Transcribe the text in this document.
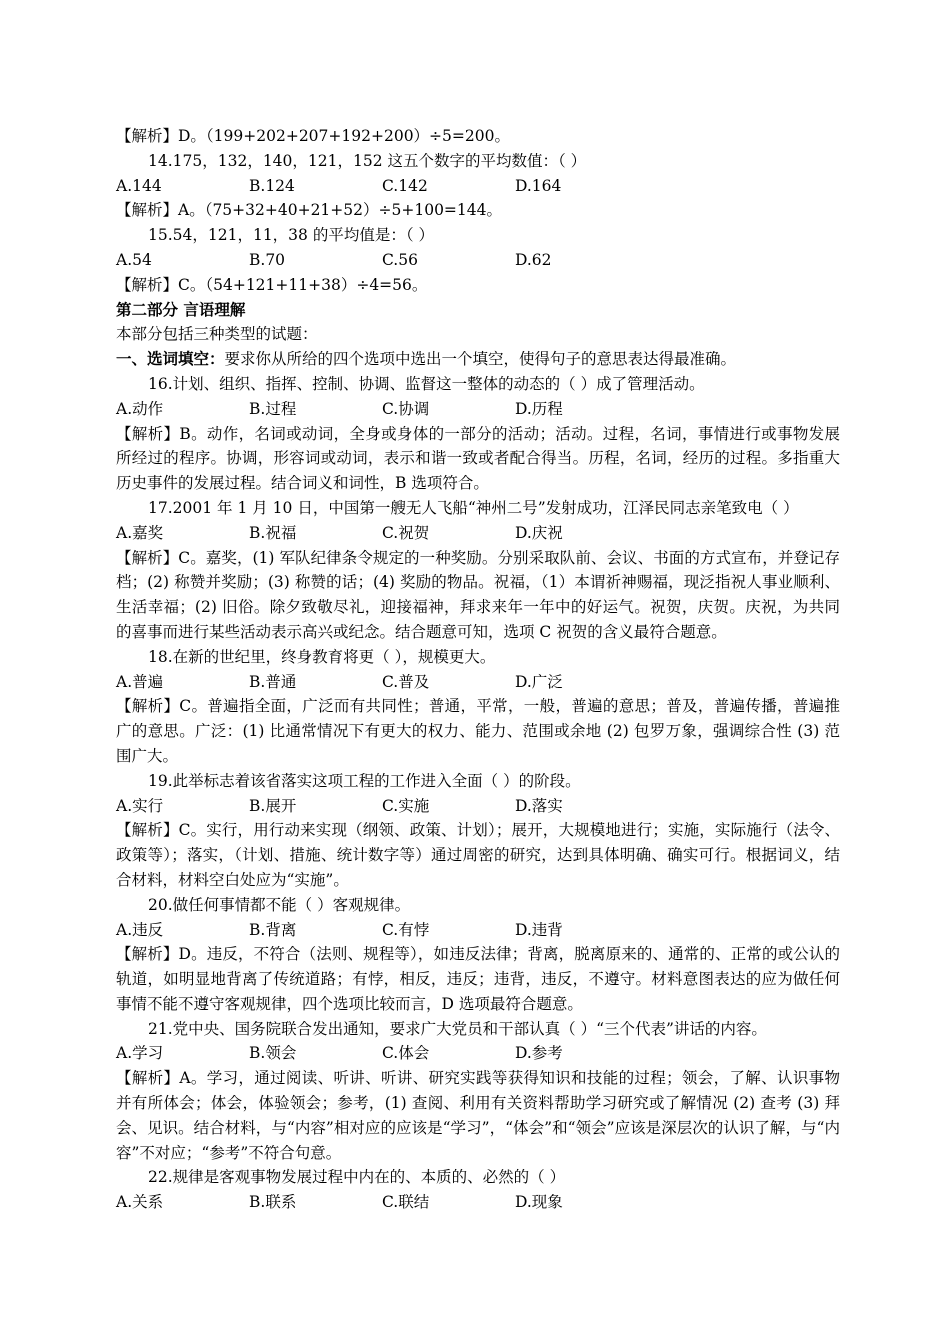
【解析】D。（199+202+207+192+200）÷5=200。
14.175，132，140，121，152 这五个数字的平均数值：（ ）
A.144	B.124	C.142	D.164
【解析】A。（75+32+40+21+52）÷5+100=144。
15.54，121，11，38 的平均值是：（ ）
A.54	B.70	C.56	D.62
【解析】C。（54+121+11+38）÷4=56。
第二部分 言语理解
本部分包括三种类型的试题：
一、选词填空：要求你从所给的四个选项中选出一个填空，使得句子的意思表达得最准确。
16.计划、组织、指挥、控制、协调、监督这一整体的动态的（ ）成了管理活动。
A.动作	B.过程	C.协调	D.历程
【解析】B。动作，名词或动词，全身或身体的一部分的活动；活动。过程，名词，事情进行或事物发展所经过的程序。协调，形容词或动词，表示和谐一致或者配合得当。历程，名词，经历的过程。多指重大历史事件的发展过程。结合词义和词性，B 选项符合。
17.2001 年 1 月 10 日，中国第一艘无人飞船“神州二号”发射成功，江泽民同志亲笔致电（ ）
A.嘉奖	B.祝福	C.祝贺	D.庆祝
【解析】C。嘉奖，(1) 军队纪律条令规定的一种奖励。分别采取队前、会议、书面的方式宣布，并登记存档；(2) 称赞并奖励；(3) 称赞的话；(4) 奖励的物品。祝福，（1）本谓祈神赐福，现泛指祝人事业顺利、生活幸福；(2) 旧俗。除夕致敬尽礼，迎接福神，拜求来年一年中的好运气。祝贺，庆贺。庆祝，为共同的喜事而进行某些活动表示高兴或纪念。结合题意可知，选项 C 祝贺的含义最符合题意。
18.在新的世纪里，终身教育将更（ ），规模更大。
A.普遍	B.普通	C.普及	D.广泛
【解析】C。普遍指全面，广泛而有共同性；普通，平常，一般，普遍的意思；普及，普遍传播，普遍推广的意思。广泛：(1) 比通常情况下有更大的权力、能力、范围或余地 (2) 包罗万象，强调综合性 (3) 范围广大。
19.此举标志着该省落实这项工程的工作进入全面（ ）的阶段。
A.实行	B.展开	C.实施	D.落实
【解析】C。实行，用行动来实现（纲领、政策、计划）；展开，大规模地进行；实施，实际施行（法令、政策等）；落实，（计划、措施、统计数字等）通过周密的研究，达到具体明确、确实可行。根据词义，结合材料，材料空白处应为“实施”。
20.做任何事情都不能（ ）客观规律。
A.违反	B.背离	C.有悖	D.违背
【解析】D。违反，不符合（法则、规程等），如违反法律；背离，脱离原来的、通常的、正常的或公认的轨道，如明显地背离了传统道路；有悖，相反，违反；违背，违反，不遵守。材料意图表达的应为做任何事情不能不遵守客观规律，四个选项比较而言，D 选项最符合题意。
21.党中央、国务院联合发出通知，要求广大党员和干部认真（ ）“三个代表”讲话的内容。
A.学习	B.领会	C.体会	D.参考
【解析】A。学习，通过阅读、听讲、听讲、研究实践等获得知识和技能的过程；领会，了解、认识事物并有所体会；体会，体验领会；参考，(1) 查阅、利用有关资料帮助学习研究或了解情况 (2) 查考 (3) 拜会、见识。结合材料，与“内容”相对应的应该是“学习”，“体会”和“领会”应该是深层次的认识了解，与“内容”不对应；“参考”不符合句意。
22.规律是客观事物发展过程中内在的、本质的、必然的（ ）
A.关系	B.联系	C.联结	D.现象
